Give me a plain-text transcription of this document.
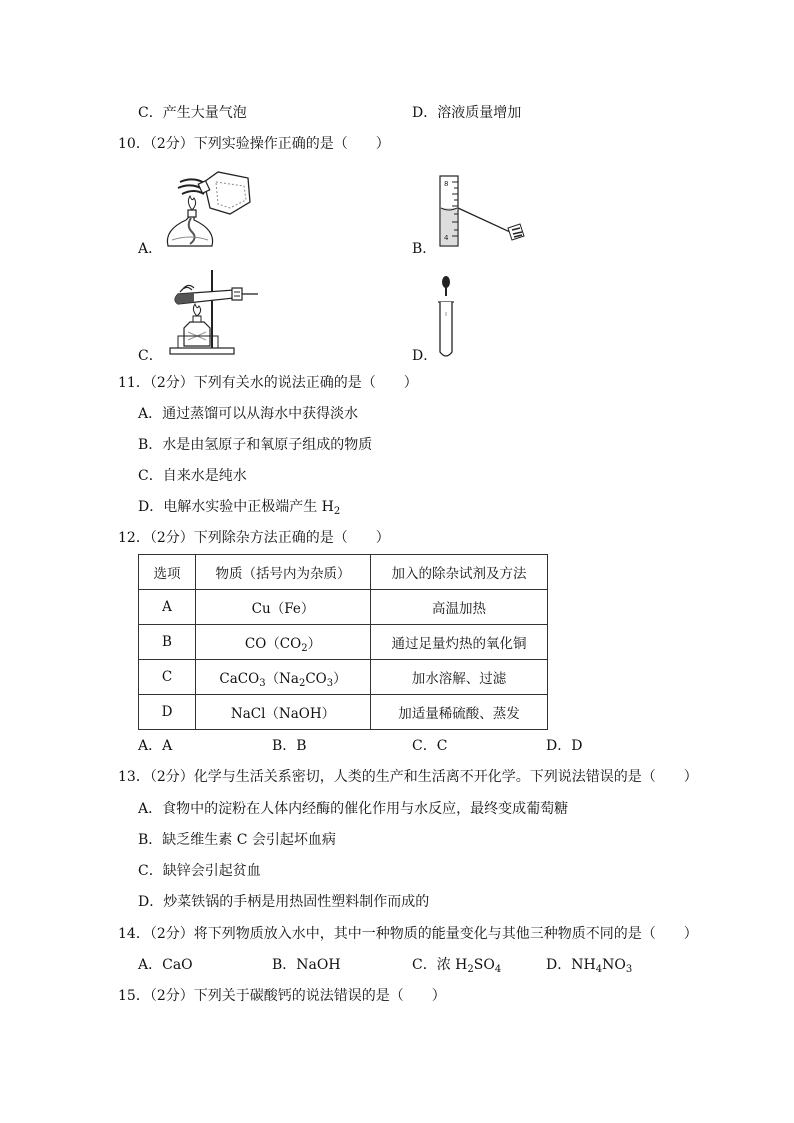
C．产生大量气泡	D．溶液质量增加
10．（2分）下列实验操作正确的是（　　）
A．	B．
C．	D．
8
4
11．（2分）下列有关水的说法正确的是（　　）
A．通过蒸馏可以从海水中获得淡水
B．水是由氢原子和氧原子组成的物质
C．自来水是纯水
D．电解水实验中正极端产生 $H_2$
12．（2分）下列除杂方法正确的是（　　）
选项	物质（括号内为杂质）	加入的除杂试剂及方法
A	Cu（Fe）	高温加热
B	$CO(CO_2)$	通过足量灼热的氧化铜
C	$CaCO_3(Na_2CO_3)$	加水溶解、过滤
D	NaCl（NaOH）	加适量稀硫酸、蒸发
A．A	B．B	C．C	D．D
13．（2分）化学与生活关系密切，人类的生产和生活离不开化学。下列说法错误的是（　　）
A．食物中的淀粉在人体内经酶的催化作用与水反应，最终变成葡萄糖
B．缺乏维生素 C 会引起坏血病
C．缺锌会引起贫血
D．炒菜铁锅的手柄是用热固性塑料制作而成的
14．（2分）将下列物质放入水中，其中一种物质的能量变化与其他三种物质不同的是（　　）
A．CaO	B．NaOH	C．浓 $H_2SO_4$	D．$NH_4NO_3$
15．（2分）下列关于碳酸钙的说法错误的是（　　）
